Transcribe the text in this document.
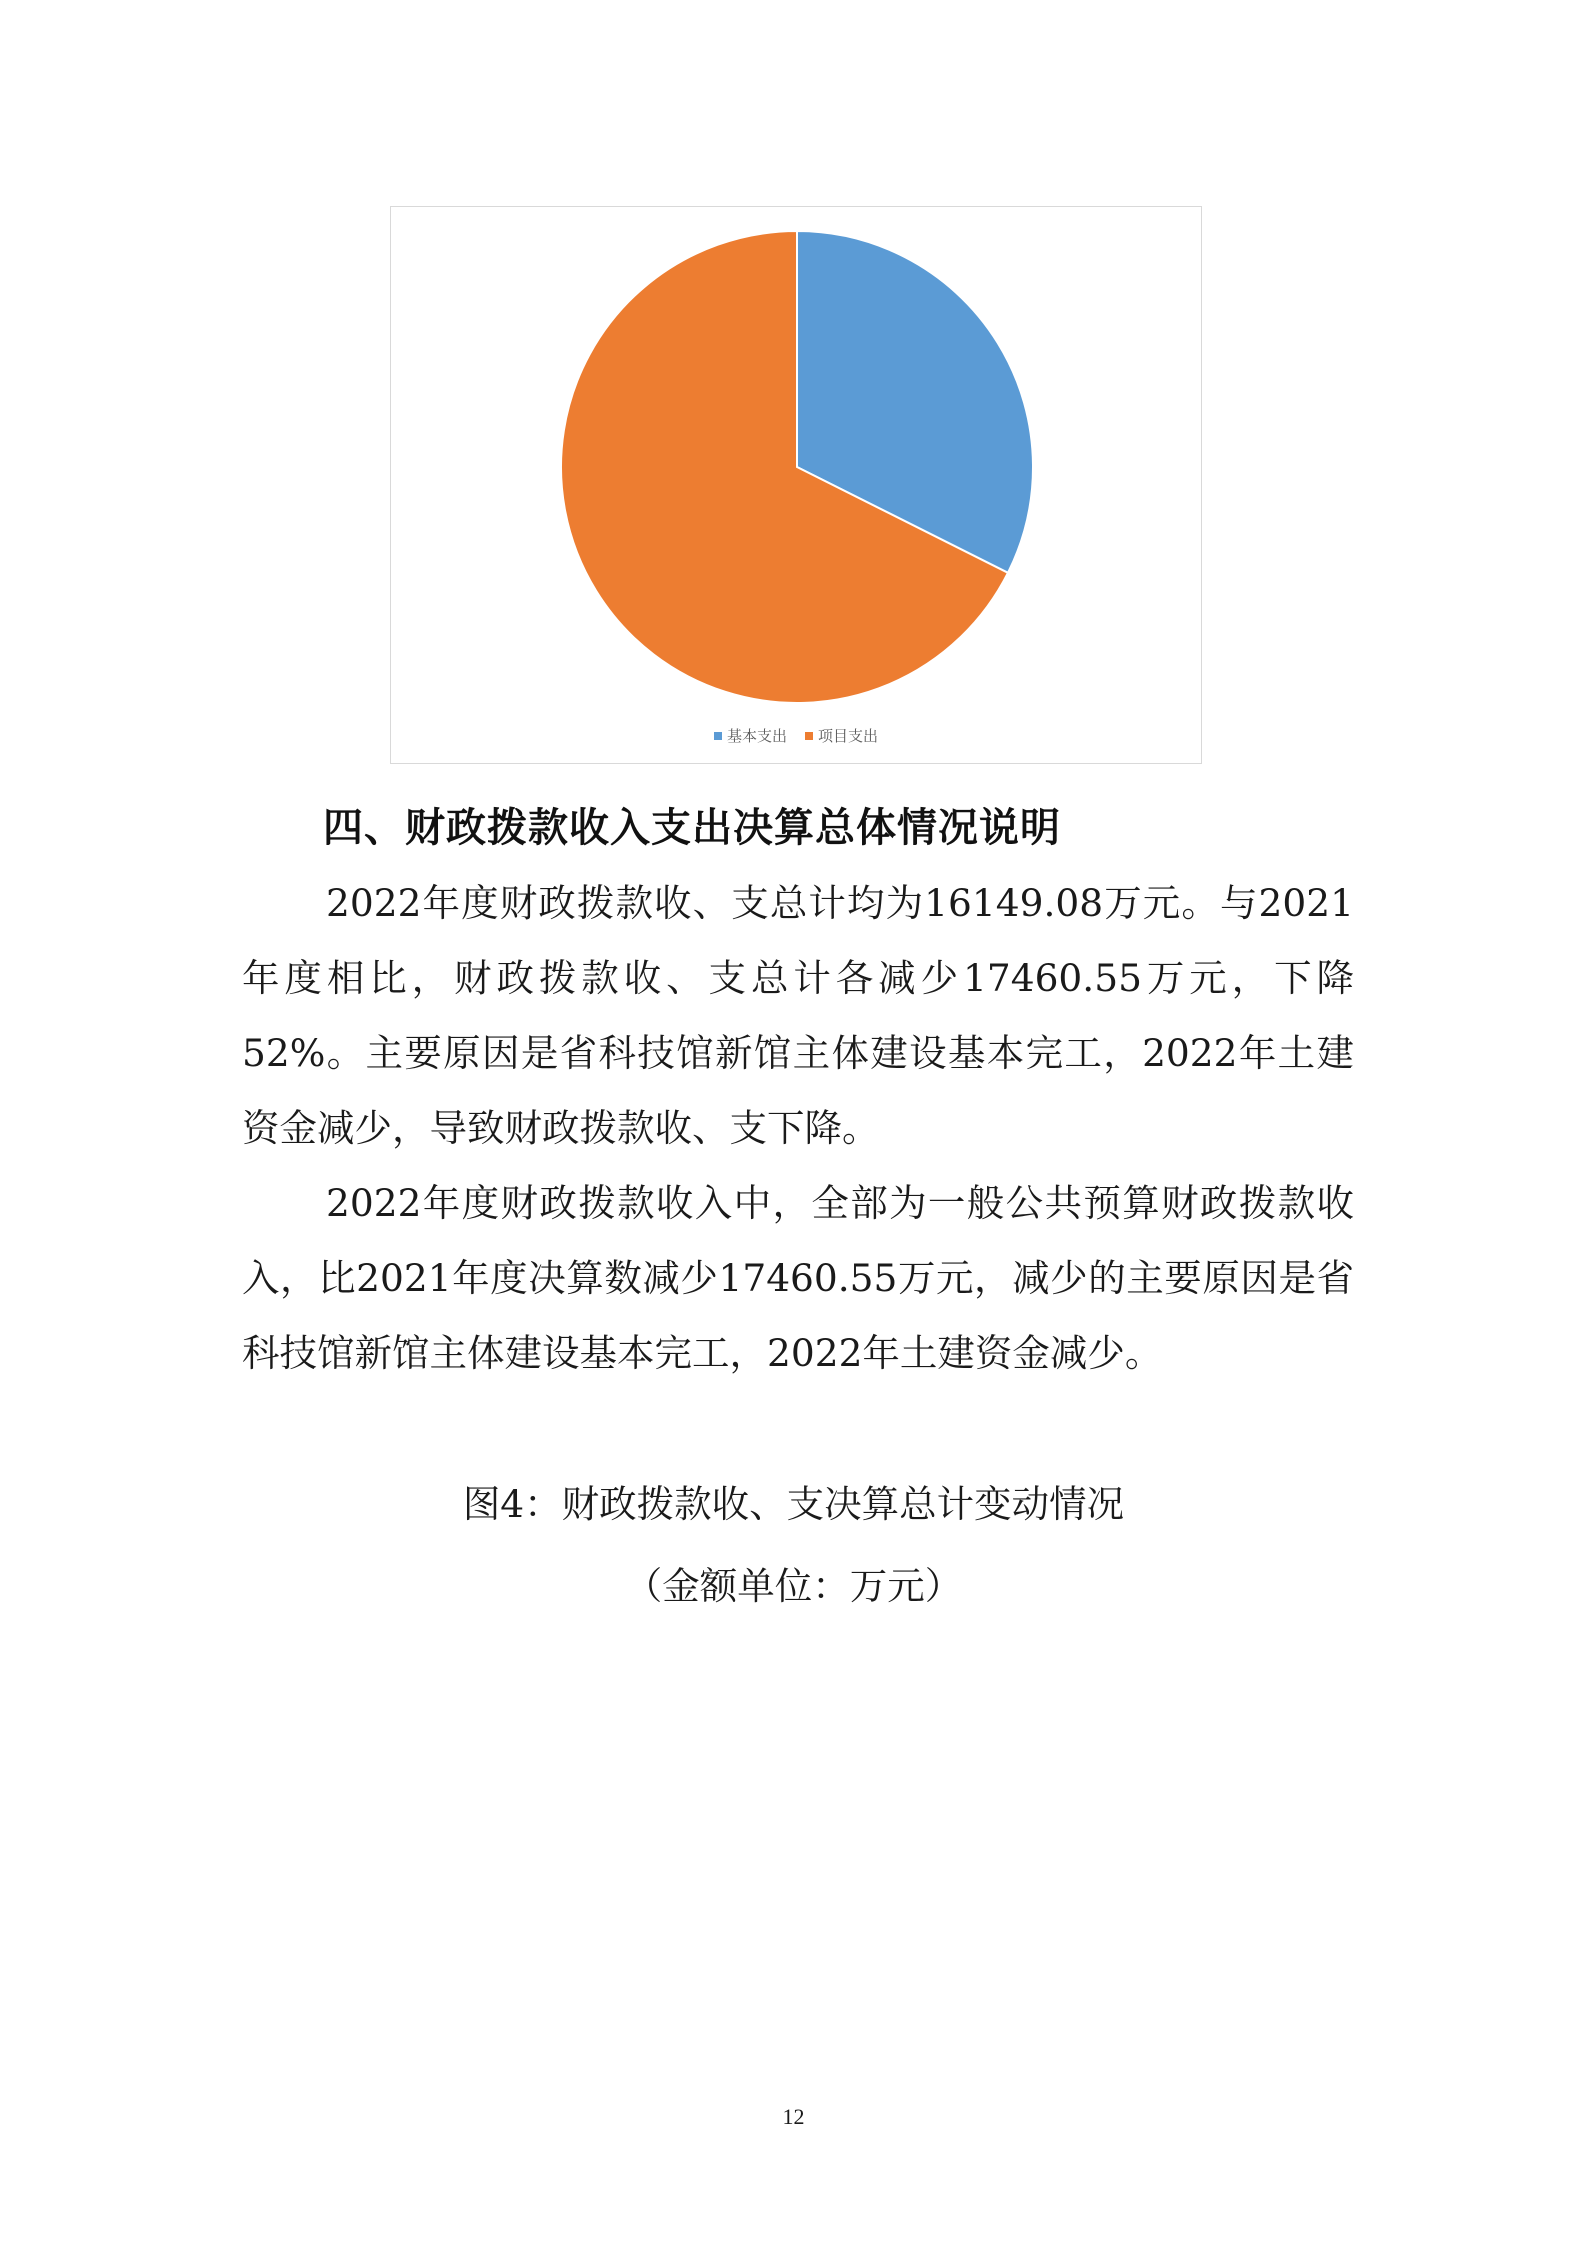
基本支出 项目支出
四、财政拨款收入支出决算总体情况说明

2022年度财政拨款收、支总计均为16149.08万元。与2021年度相比，财政拨款收、支总计各减少17460.55万元，下降52%。主要原因是省科技馆新馆主体建设基本完工，2022年土建资金减少，导致财政拨款收、支下降。

2022年度财政拨款收入中，全部为一般公共预算财政拨款收入，比2021年度决算数减少17460.55万元，减少的主要原因是省科技馆新馆主体建设基本完工，2022年土建资金减少。

图4：财政拨款收、支决算总计变动情况
（金额单位：万元）
12
